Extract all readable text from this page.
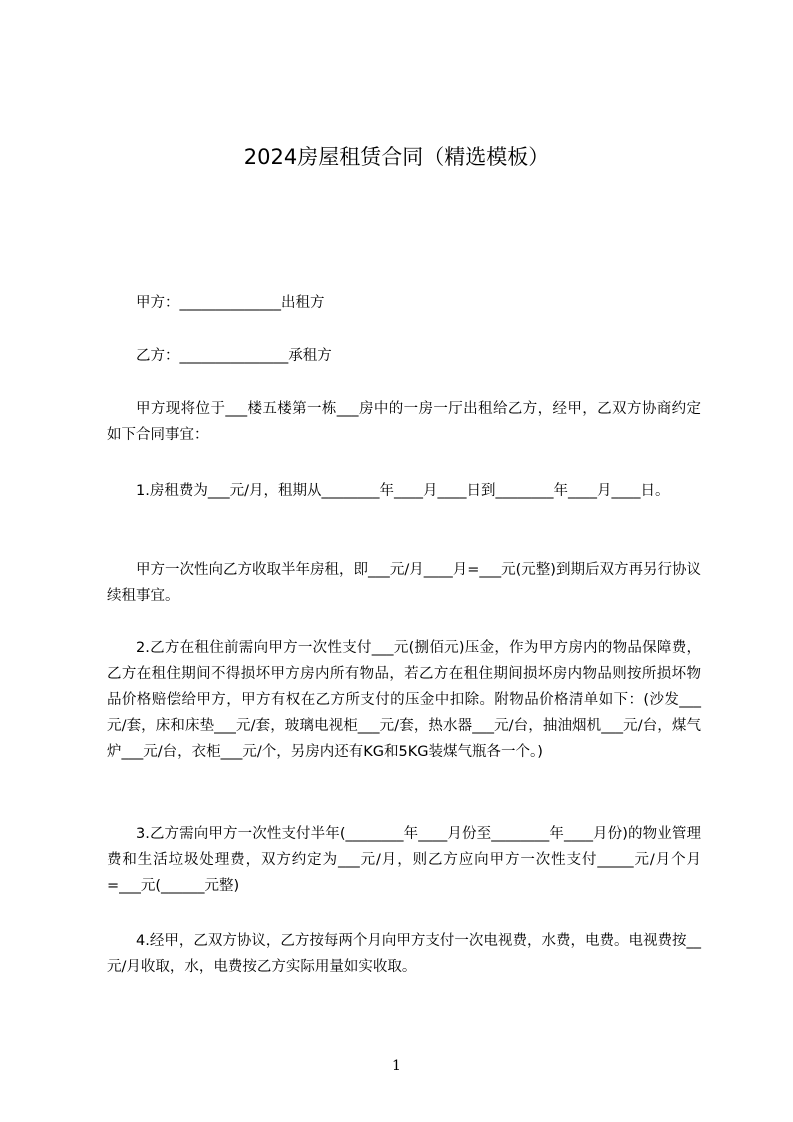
2024房屋租赁合同（精选模板）
甲方：______________出租方
乙方：_______________承租方
甲方现将位于___楼五楼第一栋___房中的一房一厅出租给乙方，经甲，乙双方协商约定如下合同事宜：
1.房租费为___元/月，租期从________年____月____日到________年____月____日。
甲方一次性向乙方收取半年房租，即___元/月____月=___元(元整)到期后双方再另行协议续租事宜。
2.乙方在租住前需向甲方一次性支付___元(捌佰元)压金，作为甲方房内的物品保障费，乙方在租住期间不得损坏甲方房内所有物品，若乙方在租住期间损坏房内物品则按所损坏物品价格赔偿给甲方，甲方有权在乙方所支付的压金中扣除。附物品价格清单如下：(沙发___元/套，床和床垫___元/套，玻璃电视柜___元/套，热水器___元/台，抽油烟机___元/台，煤气炉___元/台，衣柜___元/个，另房内还有KG和5KG装煤气瓶各一个。)
3.乙方需向甲方一次性支付半年(________年____月份至________年____月份)的物业管理费和生活垃圾处理费，双方约定为___元/月，则乙方应向甲方一次性支付_____元/月个月=___元(______元整)
4.经甲，乙双方协议，乙方按每两个月向甲方支付一次电视费，水费，电费。电视费按__元/月收取，水，电费按乙方实际用量如实收取。
1
